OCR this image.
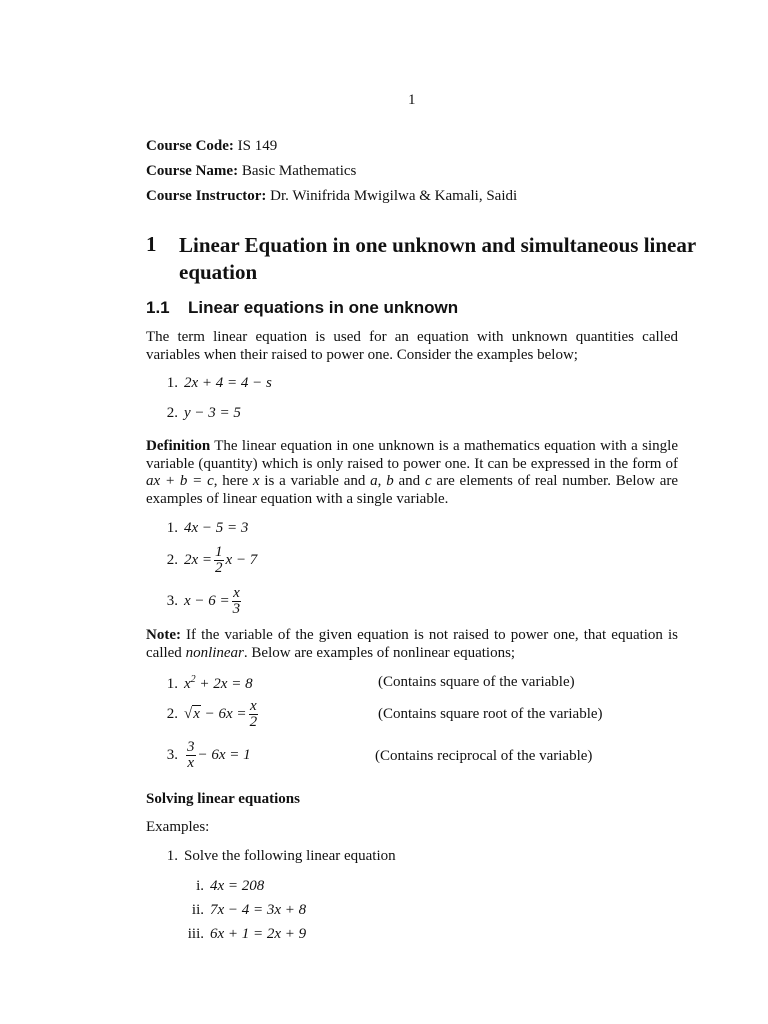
1
Course Code: IS 149
Course Name: Basic Mathematics
Course Instructor: Dr. Winifrida Mwigilwa & Kamali, Saidi
1 Linear Equation in one unknown and simultaneous linear equation
1.1 Linear equations in one unknown
The term linear equation is used for an equation with unknown quantities called variables when their raised to power one. Consider the examples below;
1. 2x + 4 = 4 − s
2. y − 3 = 5
Definition The linear equation in one unknown is a mathematics equation with a single variable (quantity) which is only raised to power one. It can be expressed in the form of ax + b = c, here x is a variable and a, b and c are elements of real number. Below are examples of linear equation with a single variable.
1. 4x − 5 = 3
2. $2x = \frac{1}{2}$ x − 7
3. $x - 6 = \frac{x}{3}$
Note: If the variable of the given equation is not raised to power one, that equation is called nonlinear. Below are examples of nonlinear equations;
1. $x^2 + 2x = 8$	(Contains square of the variable)
2. $√x - 6x = \frac{x}{2}$	(Contains square root of the variable)
3. $\frac{3}{x} - 6x = 1$	(Contains reciprocal of the variable)
Solving linear equations
Examples:
1. Solve the following linear equation
i. 4x = 208
ii. 7x − 4 = 3x + 8
iii. 6x + 1 = 2x + 9
